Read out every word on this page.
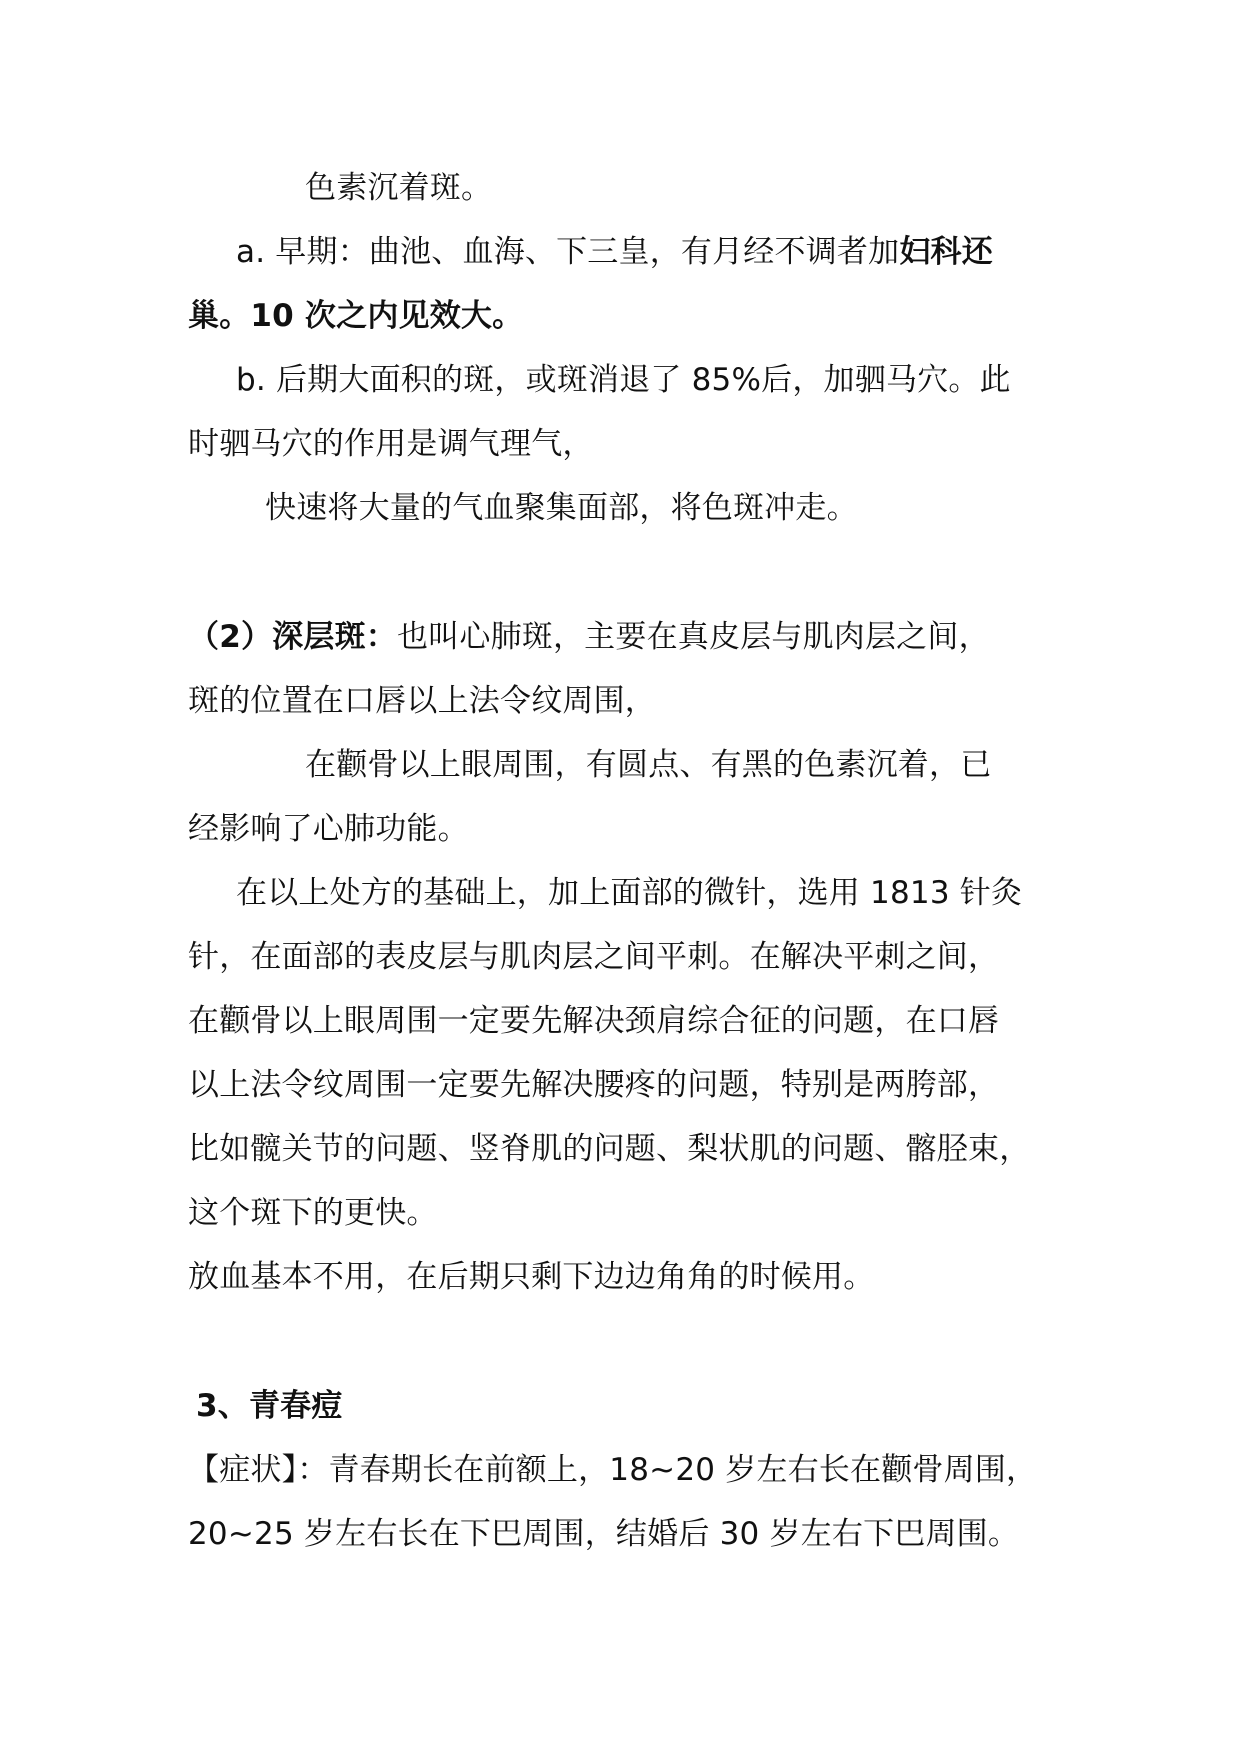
色素沉着斑。
a. 早期：曲池、血海、下三皇，有月经不调者加妇科还
巢。10 次之内见效大。
b. 后期大面积的斑，或斑消退了 85%后，加驷马穴。此
时驷马穴的作用是调气理气，
快速将大量的气血聚集面部，将色斑冲走。
（2）深层斑：也叫心肺斑，主要在真皮层与肌肉层之间，
斑的位置在口唇以上法令纹周围，
在颧骨以上眼周围，有圆点、有黑的色素沉着，已
经影响了心肺功能。
在以上处方的基础上，加上面部的微针，选用 1813 针灸
针，在面部的表皮层与肌肉层之间平刺。在解决平刺之间，
在颧骨以上眼周围一定要先解决颈肩综合征的问题，在口唇
以上法令纹周围一定要先解决腰疼的问题，特别是两胯部，
比如髋关节的问题、竖脊肌的问题、梨状肌的问题、髂胫束，
这个斑下的更快。
放血基本不用，在后期只剩下边边角角的时候用。
3、青春痘
【症状】：青春期长在前额上，18~20 岁左右长在颧骨周围，
20~25 岁左右长在下巴周围，结婚后 30 岁左右下巴周围。
